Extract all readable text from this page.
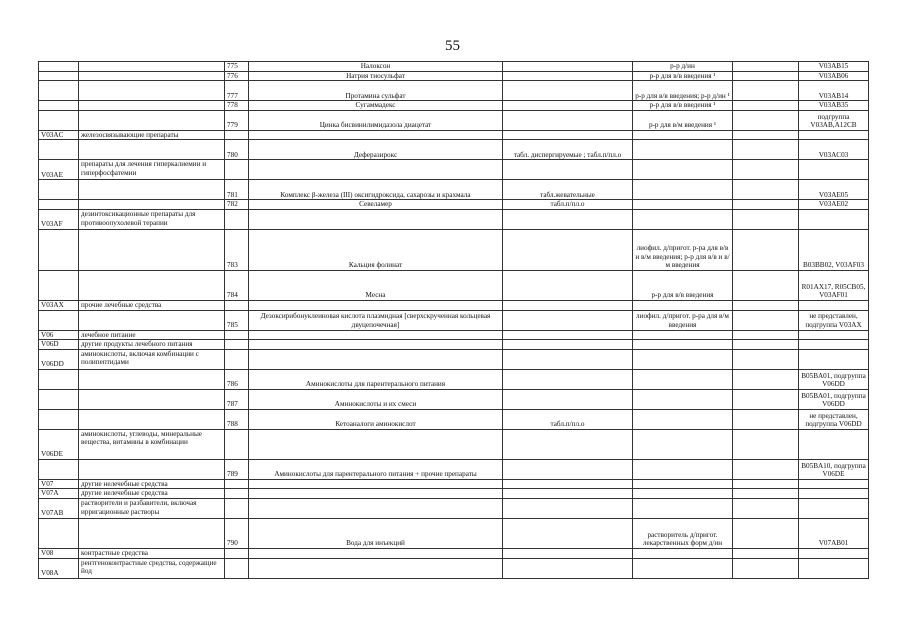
55
		775	Налоксон		р-р д/ин		V03AB15
		776	Натрия тиосульфат		р-р для в/в введения ¹		V03AB06
		777	Протамина сульфат		р-р для в/в введения; р-р д/ин ¹		V03AB14
		778	Сугаммадекс		р-р для в/в введения ¹		V03AB35
		779	Цинка бисвинилимидазола диацетат		р-р для в/м введения ¹		подгруппа V03AB,A12CB
V03AC	железосвязывающие препараты						
		780	Деферазирокс	табл. диспергируемые ; табл.п/пл.о			V03AC03
V03AE	препараты для лечения гиперкалиемии и гиперфосфатемии						
		781	Комплекс β-железа (III) оксигидроксида, сахарозы и крахмала	табл.жевательные			V03AE05
		782	Севеламер	табл.п/пл.о			V03AE02
V03AF	дезинтоксикационные препараты для противоопухолевой терапии						
		783	Кальция фолинат		лиофил. д/пригот. р-ра для в/в и в/м введения; р-р для в/в и в/м введения		B03BB02, V03AF03
		784	Месна		р-р для в/в введения		R01AX17, R05CB05, V03AF01
V03AX	прочие лечебные средства						
		785	Дезоксирибонуклеиновая кислота плазмидная [сверхскрученная кольцевая двуцепочечная]		лиофил. д/пригот. р-ра для в/м введения		не представлен, подгруппа V03AX
V06	лечебное питание						
V06D	другие продукты лечебного питания						
V06DD	аминокислоты, включая комбинации с полипептидами						
		786	Аминокислоты для парентерального питания				B05BA01, подгруппа V06DD
		787	Аминокислоты и их смеси				B05BA01, подгруппа V06DD
		788	Кетоаналоги аминокислот	табл.п/пл.о			не представлен, подгруппа V06DD
V06DE	аминокислоты, углеводы, минеральные вещества, витамины в комбинации						
		789	Аминокислоты для парентерального питания + прочие препараты				B05BA10, подгруппа V06DE
V07	другие нелечебные средства						
V07A	другие нелечебные средства						
V07AB	растворители и разбавители, включая ирригационные растворы						
		790	Вода для инъекций		растворитель д/пригот. лекарственных форм д/ин		V07AB01
V08	контрастные средства						
V08A	рентгеноконтрастные средства, содержащие йод						
